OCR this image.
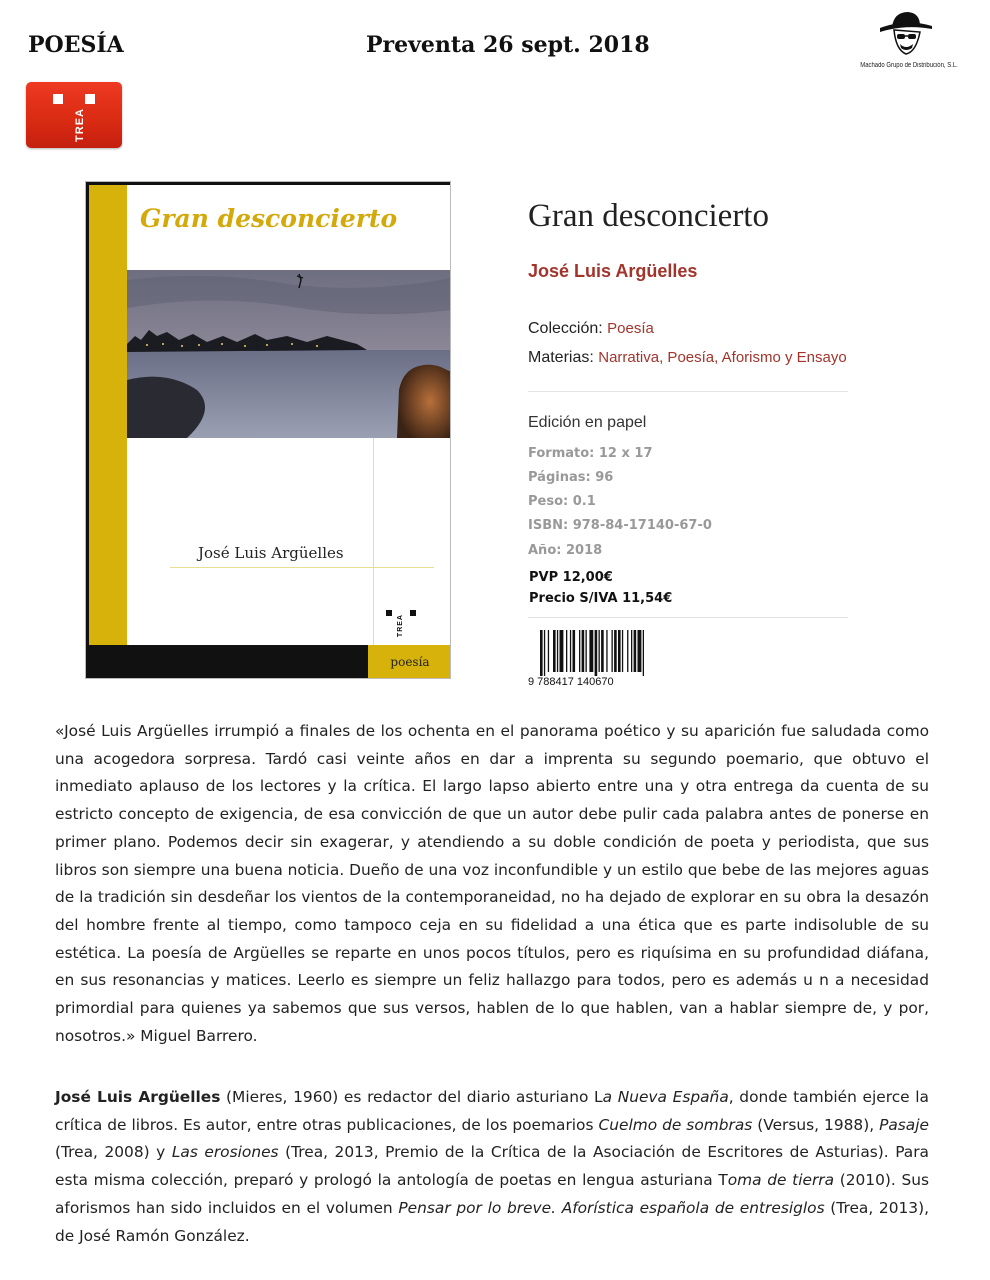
POESÍA	Preventa 26 sept. 2018
Machado Grupo de Distribución, S.L.
TREA
Gran desconcierto
José Luis Argüelles
TREA
poesía
Gran desconcierto
José Luis Argüelles
Colección: Poesía
Materias: Narrativa, Poesía, Aforismo y Ensayo
Edición en papel
Formato: 12 x 17
Páginas: 96
Peso: 0.1
ISBN: 978-84-17140-67-0
Año: 2018
PVP 12,00€
Precio S/IVA 11,54€
9 788417 140670

«José Luis Argüelles irrumpió a finales de los ochenta en el panorama poético y su aparición fue saludada como una acogedora sorpresa. Tardó casi veinte años en dar a imprenta su segundo poemario, que obtuvo el inmediato aplauso de los lectores y la crítica. El largo lapso abierto entre una y otra entrega da cuenta de su estricto concepto de exigencia, de esa convicción de que un autor debe pulir cada palabra antes de ponerse en primer plano. Podemos decir sin exagerar, y atendiendo a su doble condición de poeta y periodista, que sus libros son siempre una buena noticia. Dueño de una voz inconfundible y un estilo que bebe de las mejores aguas de la tradición sin desdeñar los vientos de la contemporaneidad, no ha dejado de explorar en su obra la desazón del hombre frente al tiempo, como tampoco ceja en su fidelidad a una ética que es parte indisoluble de su estética. La poesía de Argüelles se reparte en unos pocos títulos, pero es riquísima en su profundidad diáfana, en sus resonancias y matices. Leerlo es siempre un feliz hallazgo para todos, pero es además u n a necesidad primordial para quienes ya sabemos que sus versos, hablen de lo que hablen, van a hablar siempre de, y por, nosotros.» Miguel Barrero.

José Luis Argüelles (Mieres, 1960) es redactor del diario asturiano La Nueva España, donde también ejerce la crítica de libros. Es autor, entre otras publicaciones, de los poemarios Cuelmo de sombras (Versus, 1988), Pasaje (Trea, 2008) y Las erosiones (Trea, 2013, Premio de la Crítica de la Asociación de Escritores de Asturias). Para esta misma colección, preparó y prologó la antología de poetas en lengua asturiana Toma de tierra (2010). Sus aforismos han sido incluidos en el volumen Pensar por lo breve. Aforística española de entresiglos (Trea, 2013), de José Ramón González.
